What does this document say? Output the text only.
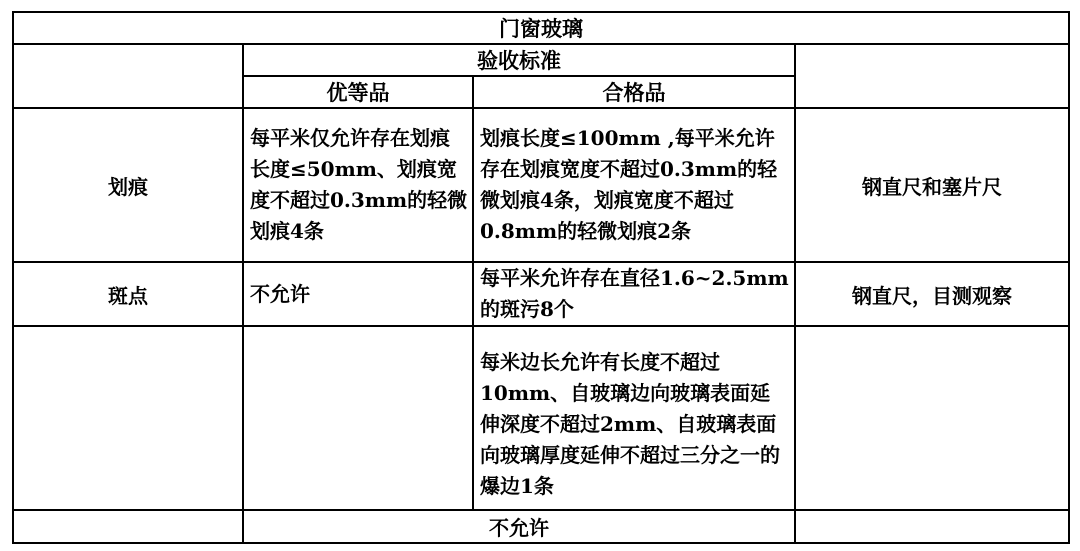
门窗玻璃			
	验收标准		
	优等品	合格品	
划痕	每平米仅允许存在划痕长度≤50mm、划痕宽度不超过0.3mm的轻微划痕4条	划痕长度≤100mm ,每平米允许存在划痕宽度不超过0.3mm的轻微划痕4条，划痕宽度不超过0.8mm的轻微划痕2条	钢直尺和塞片尺
斑点	不允许	每平米允许存在直径1.6~2.5mm的斑污8个	钢直尺，目测观察
		每米边长允许有长度不超过10mm、自玻璃边向玻璃表面延伸深度不超过2mm、自玻璃表面向玻璃厚度延伸不超过三分之一的爆边1条	
	不允许		
